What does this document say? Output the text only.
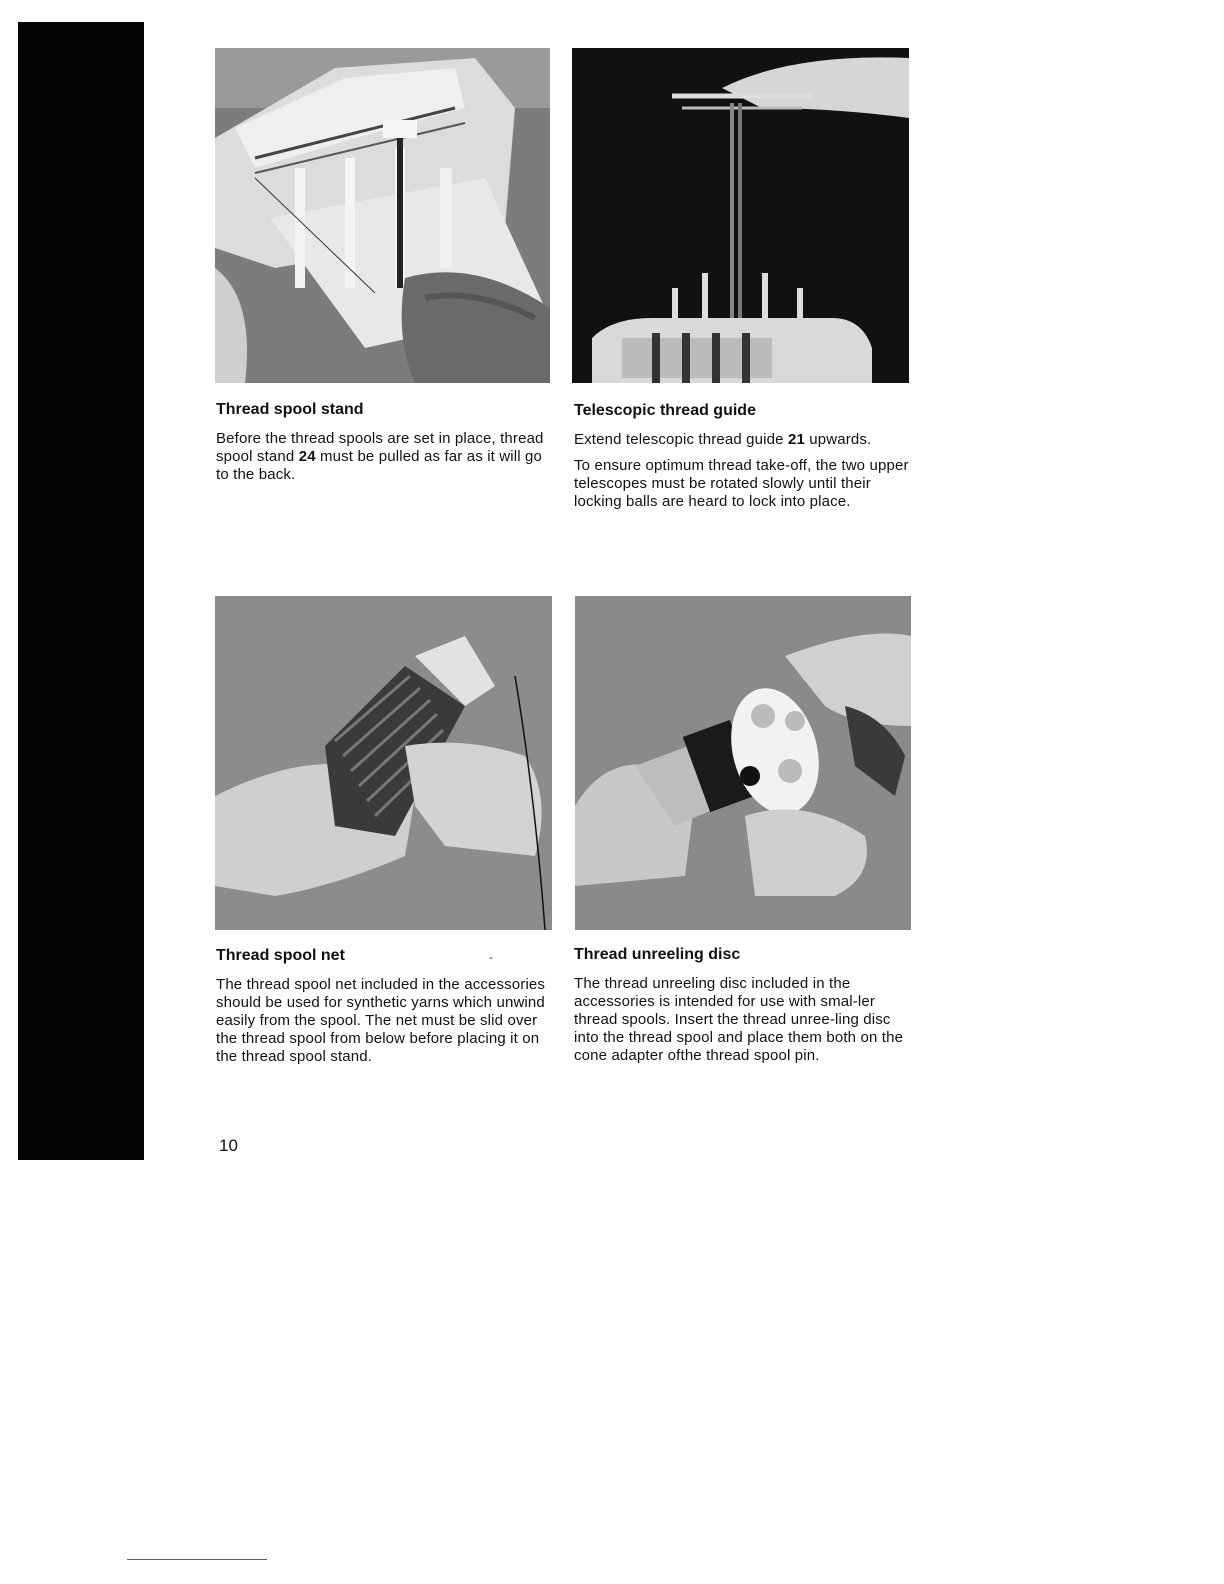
Thread spool stand

Before the thread spools are set in place, thread spool stand 24 must be pulled as far as it will go to the back.

Telescopic thread guide

Extend telescopic thread guide 21 upwards.

To ensure optimum thread take-off, the two upper telescopes must be rotated slowly until their locking balls are heard to lock into place.

Thread spool net

The thread spool net included in the accessories should be used for synthetic yarns which unwind easily from the spool. The net must be slid over the thread spool from below before placing it on the thread spool stand.

-	Thread unreeling disc

The thread unreeling disc included in the accessories is intended for use with smal-ler thread spools. Insert the thread unree-ling disc into the thread spool and place them both on the cone adapter ofthe thread spool pin.

10
